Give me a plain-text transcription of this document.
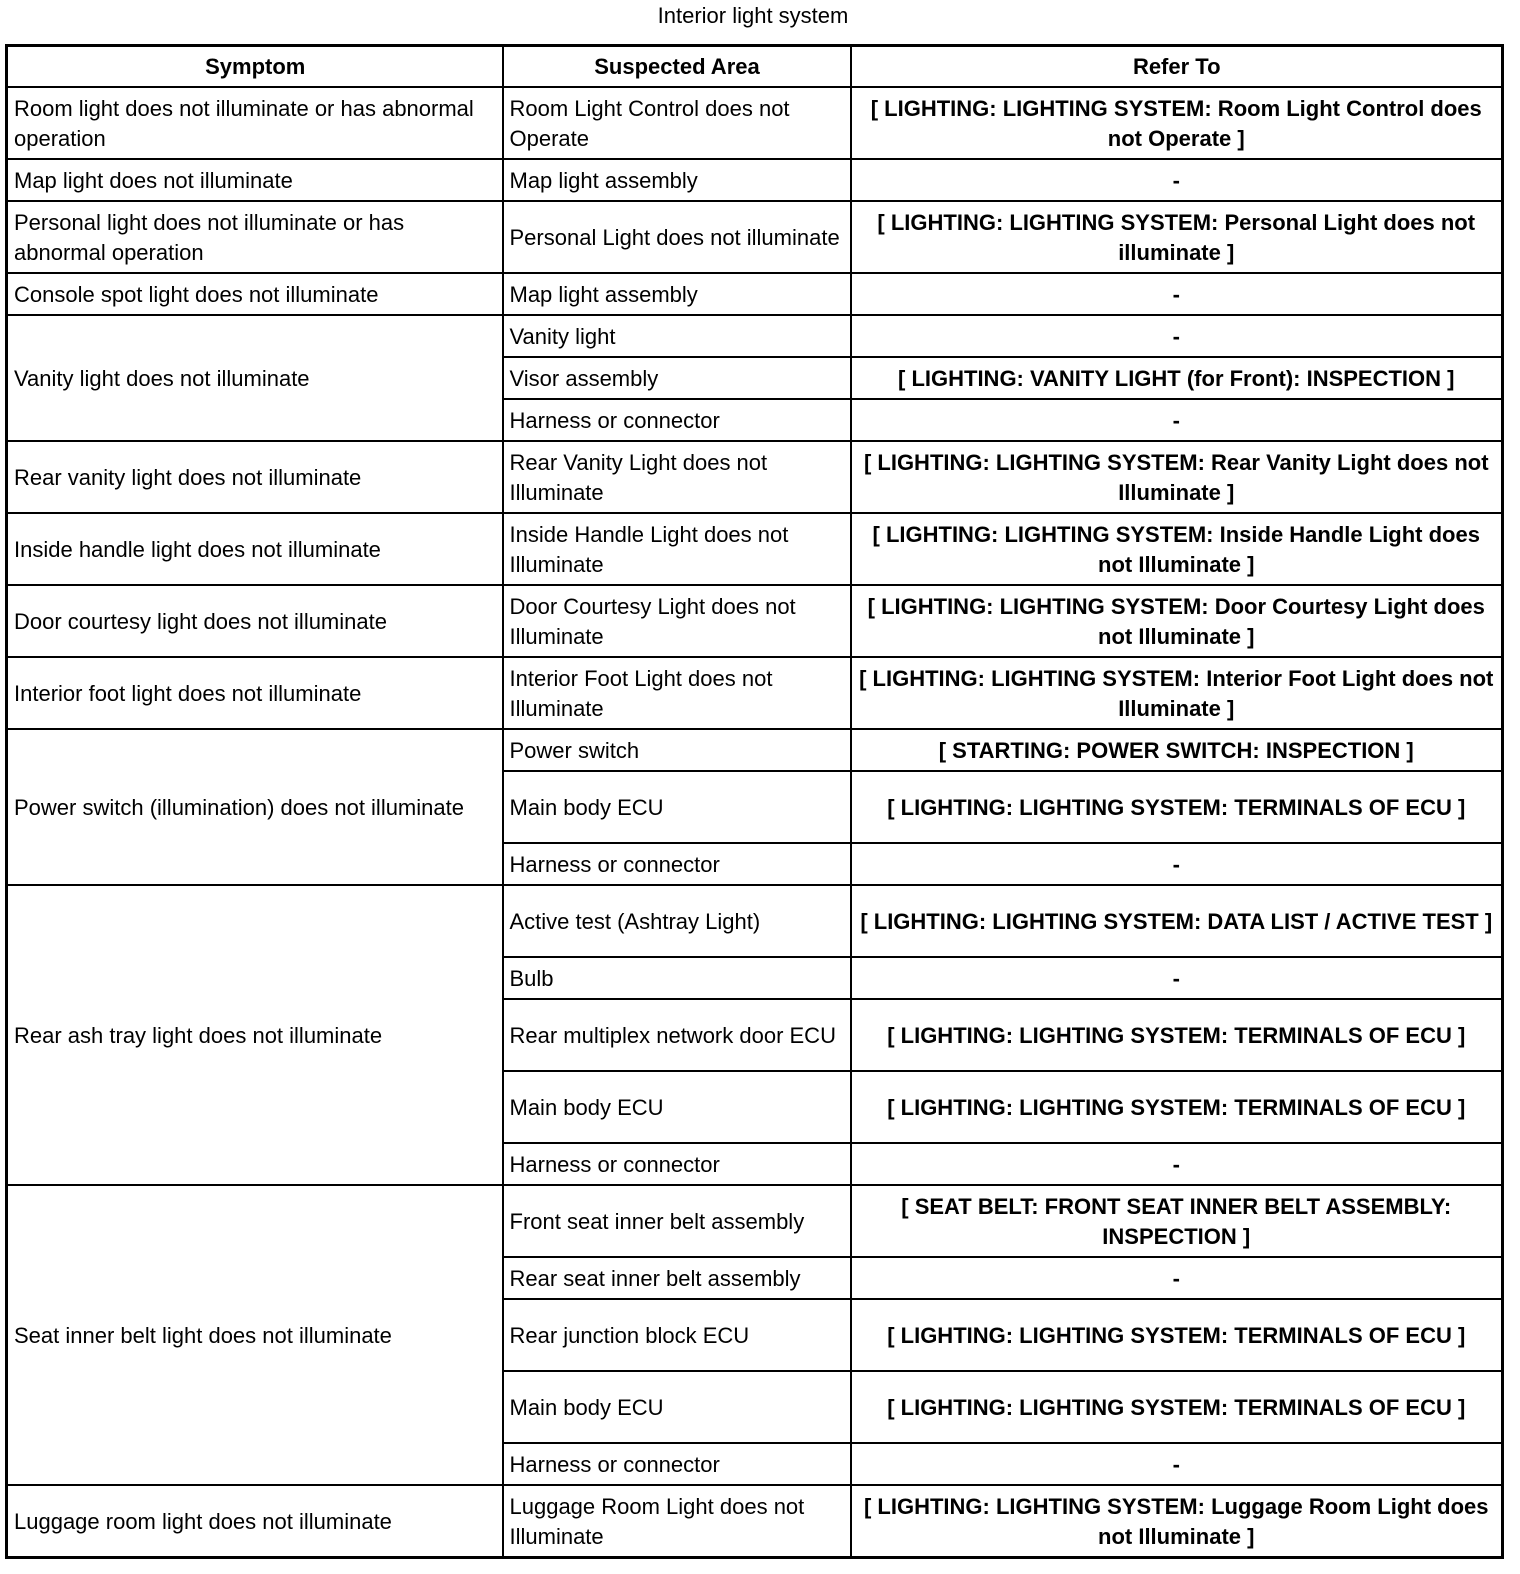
Interior light system
Symptom	Suspected Area	Refer To
Room light does not illuminate or has abnormal operation	Room Light Control does not Operate	[ LIGHTING: LIGHTING SYSTEM: Room Light Control does not Operate ]
Map light does not illuminate	Map light assembly	-
Personal light does not illuminate or has abnormal operation	Personal Light does not illuminate	[ LIGHTING: LIGHTING SYSTEM: Personal Light does not illuminate ]
Console spot light does not illuminate	Map light assembly	-
Vanity light does not illuminate	Vanity light	-
	Visor assembly	[ LIGHTING: VANITY LIGHT (for Front): INSPECTION ]
	Harness or connector	-
Rear vanity light does not illuminate	Rear Vanity Light does not Illuminate	[ LIGHTING: LIGHTING SYSTEM: Rear Vanity Light does not Illuminate ]
Inside handle light does not illuminate	Inside Handle Light does not Illuminate	[ LIGHTING: LIGHTING SYSTEM: Inside Handle Light does not Illuminate ]
Door courtesy light does not illuminate	Door Courtesy Light does not Illuminate	[ LIGHTING: LIGHTING SYSTEM: Door Courtesy Light does not Illuminate ]
Interior foot light does not illuminate	Interior Foot Light does not Illuminate	[ LIGHTING: LIGHTING SYSTEM: Interior Foot Light does not Illuminate ]
Power switch (illumination) does not illuminate	Power switch	[ STARTING: POWER SWITCH: INSPECTION ]
	Main body ECU	[ LIGHTING: LIGHTING SYSTEM: TERMINALS OF ECU ]
	Harness or connector	-
Rear ash tray light does not illuminate	Active test (Ashtray Light)	[ LIGHTING: LIGHTING SYSTEM: DATA LIST / ACTIVE TEST ]
	Bulb	-
	Rear multiplex network door ECU	[ LIGHTING: LIGHTING SYSTEM: TERMINALS OF ECU ]
	Main body ECU	[ LIGHTING: LIGHTING SYSTEM: TERMINALS OF ECU ]
	Harness or connector	-
Seat inner belt light does not illuminate	Front seat inner belt assembly	[ SEAT BELT: FRONT SEAT INNER BELT ASSEMBLY: INSPECTION ]
	Rear seat inner belt assembly	-
	Rear junction block ECU	[ LIGHTING: LIGHTING SYSTEM: TERMINALS OF ECU ]
	Main body ECU	[ LIGHTING: LIGHTING SYSTEM: TERMINALS OF ECU ]
	Harness or connector	-
Luggage room light does not illuminate	Luggage Room Light does not Illuminate	[ LIGHTING: LIGHTING SYSTEM: Luggage Room Light does not Illuminate ]
